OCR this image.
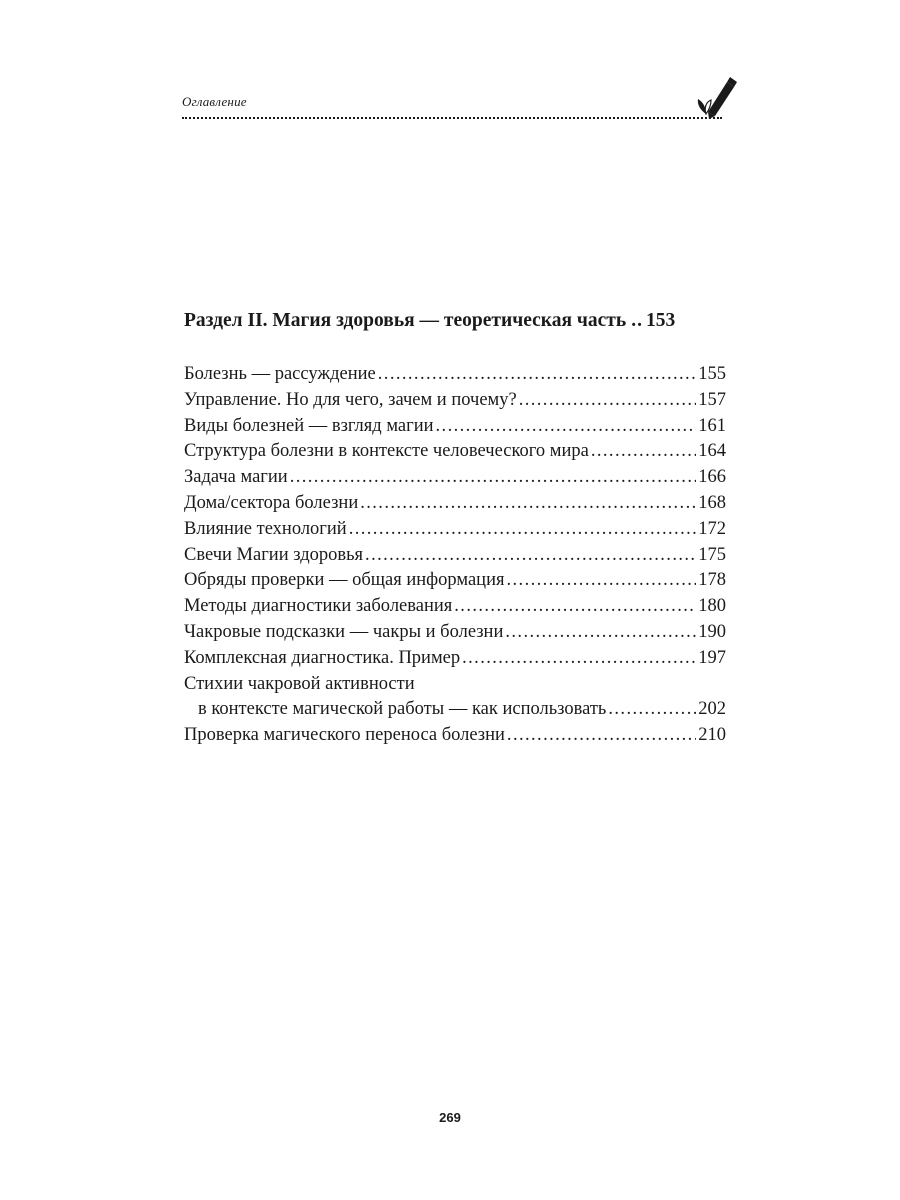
Оглавление
Раздел II. Магия здоровья — теоретическая часть .. 153
Болезнь — рассуждение .....	155
Управление. Но для чего, зачем и почему? .....	157
Виды болезней — взгляд магии .....	161
Структура болезни в контексте человеческого мира .....	164
Задача магии .....	166
Дома/сектора болезни .....	168
Влияние технологий .....	172
Свечи Магии здоровья .....	175
Обряды проверки — общая информация .....	178
Методы диагностики заболевания .....	180
Чакровые подсказки — чакры и болезни .....	190
Комплексная диагностика. Пример .....	197
Стихии чакровой активности
в контексте магической работы — как использовать .....	202
Проверка магического переноса болезни .....	210
269
